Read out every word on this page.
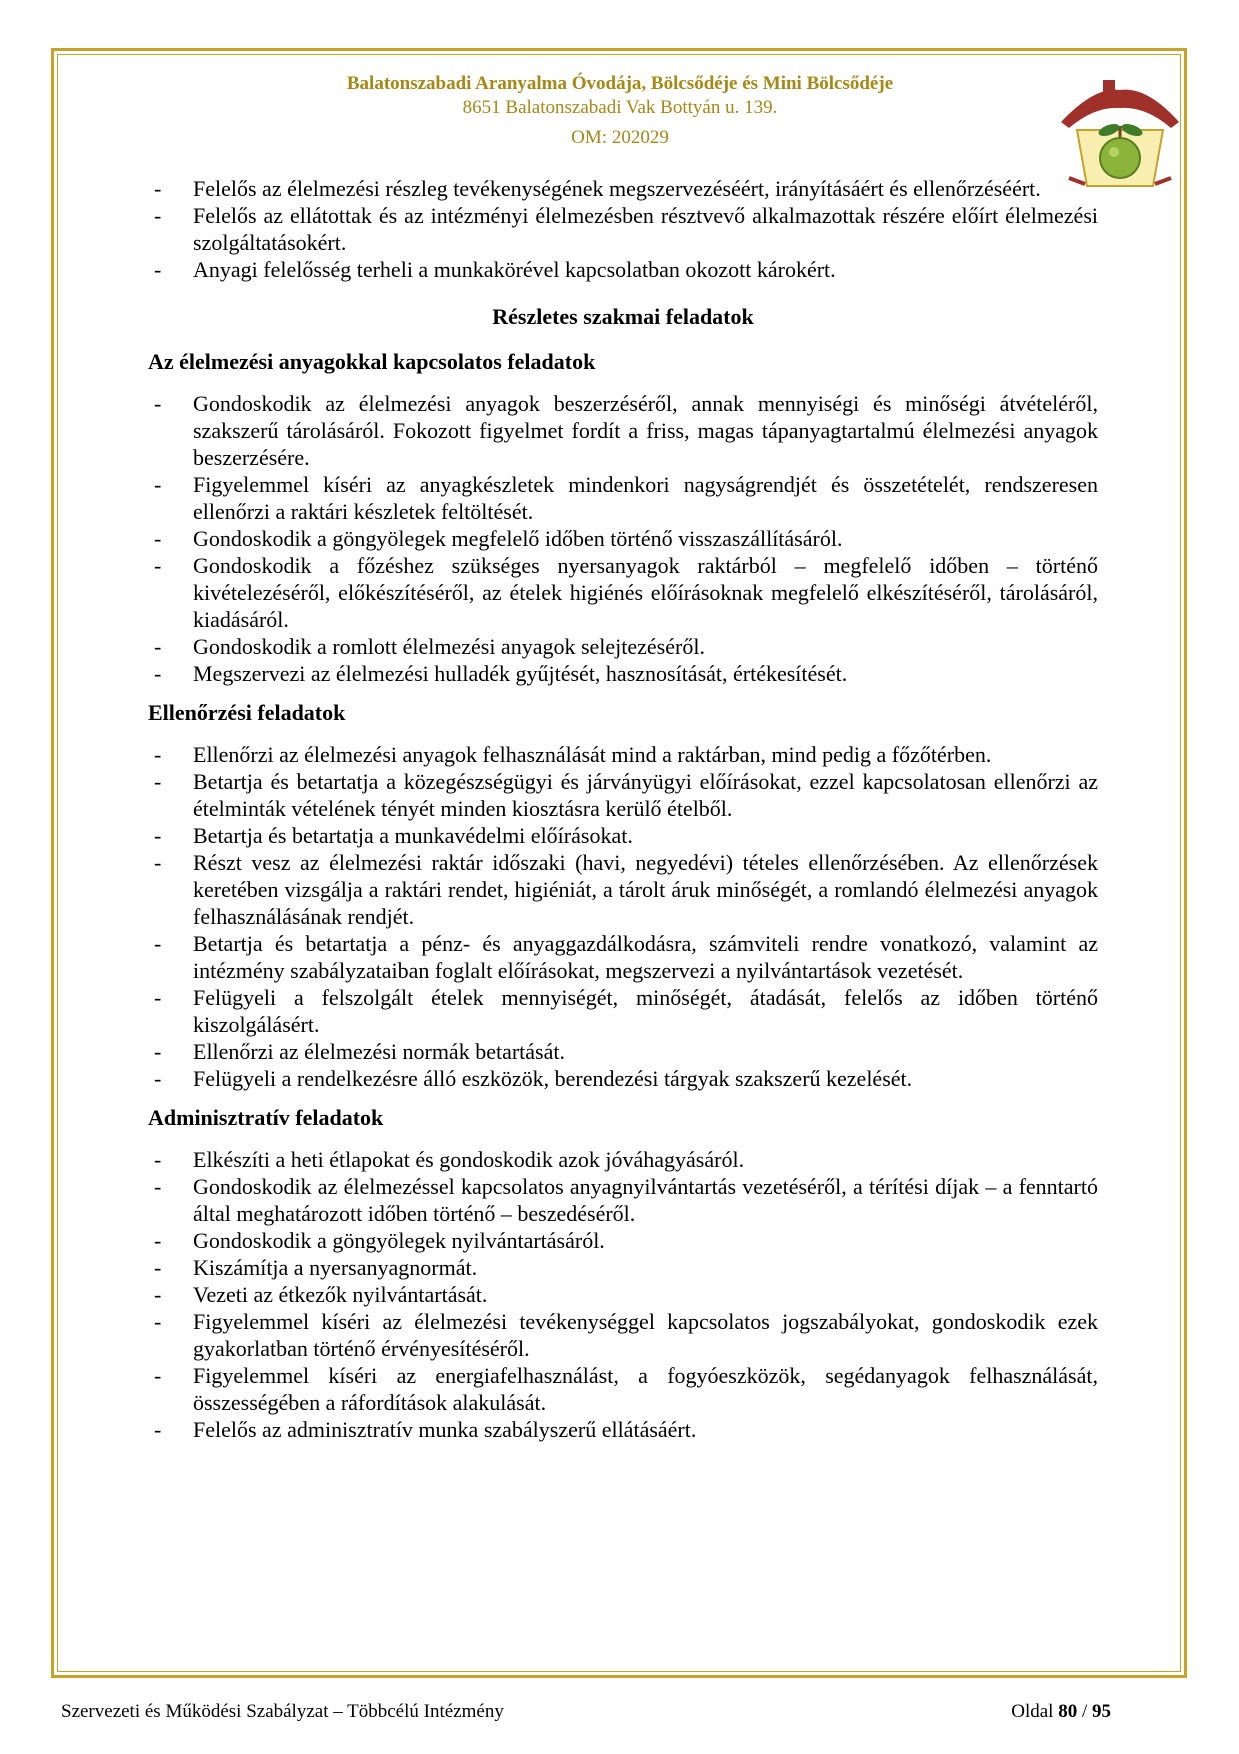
Balatonszabadi Aranyalma Óvodája, Bölcsődéje és Mini Bölcsődéje
8651 Balatonszabadi Vak Bottyán u. 139.
OM: 202029
- Felelős az élelmezési részleg tevékenységének megszervezéséért, irányításáért és ellenőrzéséért.
- Felelős az ellátottak és az intézményi élelmezésben résztvevő alkalmazottak részére előírt élelmezési szolgáltatásokért.
- Anyagi felelősség terheli a munkakörével kapcsolatban okozott károkért.
Részletes szakmai feladatok
Az élelmezési anyagokkal kapcsolatos feladatok
- Gondoskodik az élelmezési anyagok beszerzéséről, annak mennyiségi és minőségi átvételéről, szakszerű tárolásáról. Fokozott figyelmet fordít a friss, magas tápanyagtartalmú élelmezési anyagok beszerzésére.
- Figyelemmel kíséri az anyagkészletek mindenkori nagyságrendjét és összetételét, rendszeresen ellenőrzi a raktári készletek feltöltését.
- Gondoskodik a göngyölegek megfelelő időben történő visszaszállításáról.
- Gondoskodik a főzéshez szükséges nyersanyagok raktárból – megfelelő időben – történő kivételezéséről, előkészítéséről, az ételek higiénés előírásoknak megfelelő elkészítéséről, tárolásáról, kiadásáról.
- Gondoskodik a romlott élelmezési anyagok selejtezéséről.
- Megszervezi az élelmezési hulladék gyűjtését, hasznosítását, értékesítését.
Ellenőrzési feladatok
- Ellenőrzi az élelmezési anyagok felhasználását mind a raktárban, mind pedig a főzőtérben.
- Betartja és betartatja a közegészségügyi és járványügyi előírásokat, ezzel kapcsolatosan ellenőrzi az ételminták vételének tényét minden kiosztásra kerülő ételből.
- Betartja és betartatja a munkavédelmi előírásokat.
- Részt vesz az élelmezési raktár időszaki (havi, negyedévi) tételes ellenőrzésében. Az ellenőrzések keretében vizsgálja a raktári rendet, higiéniát, a tárolt áruk minőségét, a romlandó élelmezési anyagok felhasználásának rendjét.
- Betartja és betartatja a pénz- és anyaggazdálkodásra, számviteli rendre vonatkozó, valamint az intézmény szabályzataiban foglalt előírásokat, megszervezi a nyilvántartások vezetését.
- Felügyeli a felszolgált ételek mennyiségét, minőségét, átadását, felelős az időben történő kiszolgálásért.
- Ellenőrzi az élelmezési normák betartását.
- Felügyeli a rendelkezésre álló eszközök, berendezési tárgyak szakszerű kezelését.
Adminisztratív feladatok
- Elkészíti a heti étlapokat és gondoskodik azok jóváhagyásáról.
- Gondoskodik az élelmezéssel kapcsolatos anyagnyilvántartás vezetéséről, a térítési díjak – a fenntartó által meghatározott időben történő – beszedéséről.
- Gondoskodik a göngyölegek nyilvántartásáról.
- Kiszámítja a nyersanyagnormát.
- Vezeti az étkezők nyilvántartását.
- Figyelemmel kíséri az élelmezési tevékenységgel kapcsolatos jogszabályokat, gondoskodik ezek gyakorlatban történő érvényesítéséről.
- Figyelemmel kíséri az energiafelhasználást, a fogyóeszközök, segédanyagok felhasználását, összességében a ráfordítások alakulását.
- Felelős az adminisztratív munka szabályszerű ellátásáért.
Szervezeti és Működési Szabályzat – Többcélú Intézmény	Oldal 80 / 95
